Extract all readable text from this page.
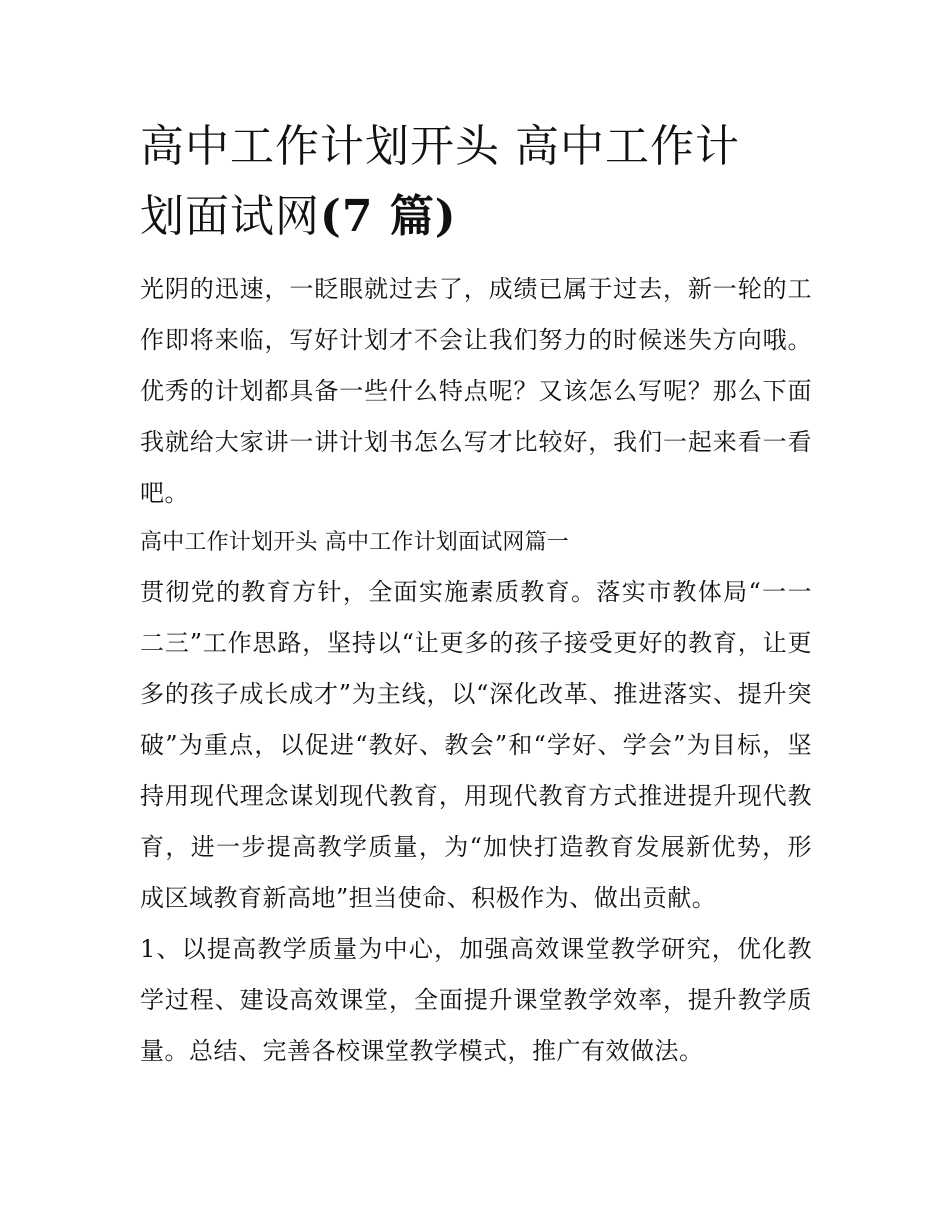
高中工作计划开头 高中工作计
划面试网(7 篇)

光阴的迅速，一眨眼就过去了，成绩已属于过去，新一轮的工作即将来临，写好计划才不会让我们努力的时候迷失方向哦。优秀的计划都具备一些什么特点呢？又该怎么写呢？那么下面我就给大家讲一讲计划书怎么写才比较好，我们一起来看一看吧。

高中工作计划开头 高中工作计划面试网篇一

贯彻党的教育方针，全面实施素质教育。落实市教体局“一一二三”工作思路，坚持以“让更多的孩子接受更好的教育，让更多的孩子成长成才”为主线，以“深化改革、推进落实、提升突破”为重点，以促进“教好、教会”和“学好、学会”为目标，坚持用现代理念谋划现代教育，用现代教育方式推进提升现代教育，进一步提高教学质量，为“加快打造教育发展新优势，形成区域教育新高地”担当使命、积极作为、做出贡献。

1、以提高教学质量为中心，加强高效课堂教学研究，优化教学过程、建设高效课堂，全面提升课堂教学效率，提升教学质量。总结、完善各校课堂教学模式，推广有效做法。
